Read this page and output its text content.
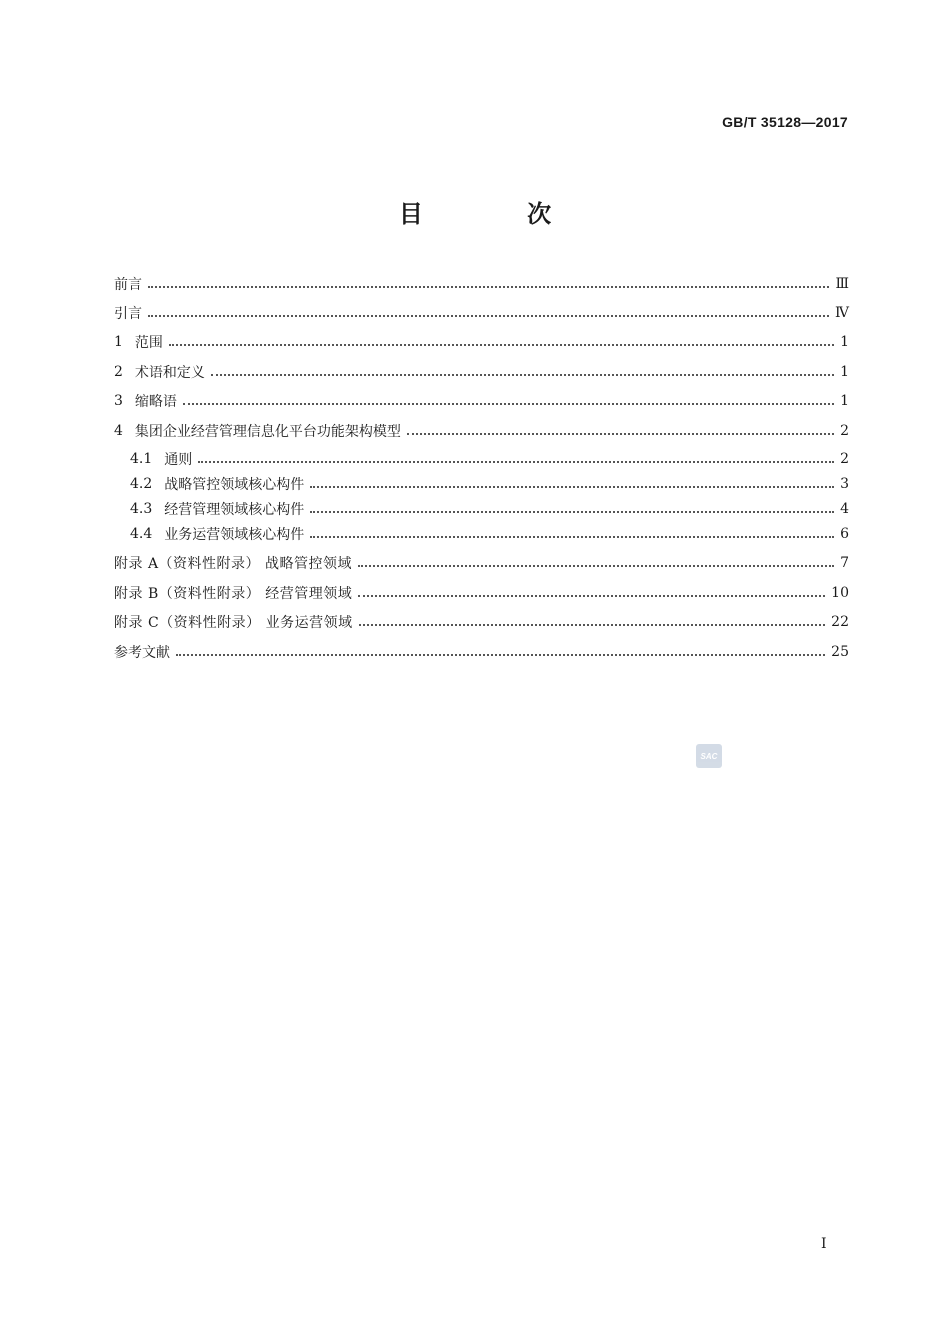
GB/T 35128—2017
目 次
前言	Ⅲ
引言	Ⅳ
1 范围	1
2 术语和定义	1
3 缩略语	1
4 集团企业经营管理信息化平台功能架构模型	2
4.1 通则	2
4.2 战略管控领域核心构件	3
4.3 经营管理领域核心构件	4
4.4 业务运营领域核心构件	6
附录 A（资料性附录） 战略管控领域	7
附录 B（资料性附录） 经营管理领域	10
附录 C（资料性附录） 业务运营领域	22
参考文献	25
SAC
I
